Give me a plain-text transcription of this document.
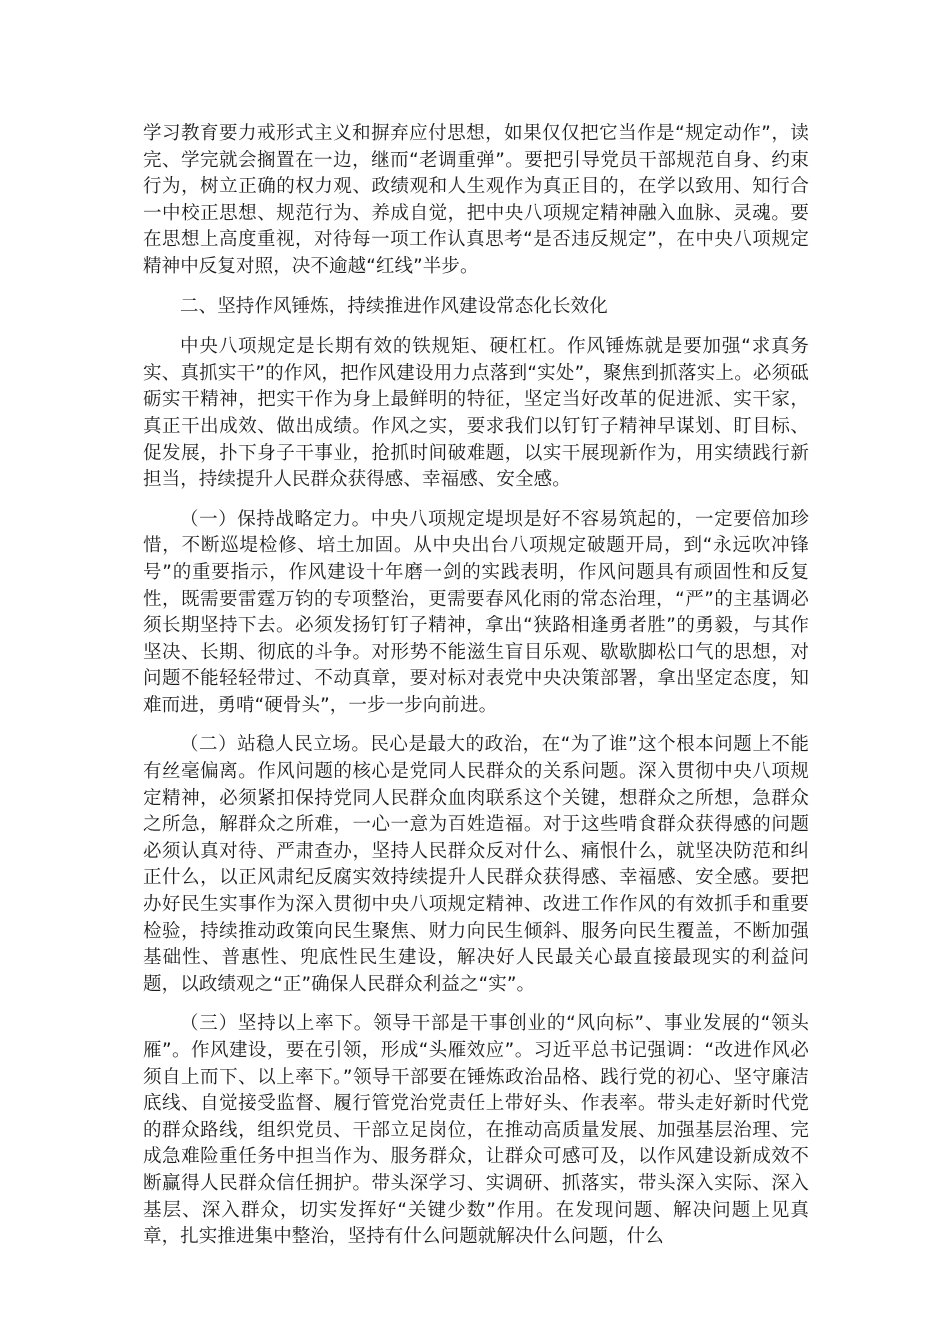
学习教育要力戒形式主义和摒弃应付思想，如果仅仅把它当作是“规定动作”，读完、学完就会搁置在一边，继而“老调重弹”。要把引导党员干部规范自身、约束行为，树立正确的权力观、政绩观和人生观作为真正目的，在学以致用、知行合一中校正思想、规范行为、养成自觉，把中央八项规定精神融入血脉、灵魂。要在思想上高度重视，对待每一项工作认真思考“是否违反规定”，在中央八项规定精神中反复对照，决不逾越“红线”半步。

二、坚持作风锤炼，持续推进作风建设常态化长效化

中央八项规定是长期有效的铁规矩、硬杠杠。作风锤炼就是要加强“求真务实、真抓实干”的作风，把作风建设用力点落到“实处”，聚焦到抓落实上。必须砥砺实干精神，把实干作为身上最鲜明的特征，坚定当好改革的促进派、实干家，真正干出成效、做出成绩。作风之实，要求我们以钉钉子精神早谋划、盯目标、促发展，扑下身子干事业，抢抓时间破难题，以实干展现新作为，用实绩践行新担当，持续提升人民群众获得感、幸福感、安全感。

（一）保持战略定力。中央八项规定堤坝是好不容易筑起的，一定要倍加珍惜，不断巡堤检修、培土加固。从中央出台八项规定破题开局，到“永远吹冲锋号”的重要指示，作风建设十年磨一剑的实践表明，作风问题具有顽固性和反复性，既需要雷霆万钧的专项整治，更需要春风化雨的常态治理，“严”的主基调必须长期坚持下去。必须发扬钉钉子精神，拿出“狭路相逢勇者胜”的勇毅，与其作坚决、长期、彻底的斗争。对形势不能滋生盲目乐观、歇歇脚松口气的思想，对问题不能轻轻带过、不动真章，要对标对表党中央决策部署，拿出坚定态度，知难而进，勇啃“硬骨头”，一步一步向前进。

（二）站稳人民立场。民心是最大的政治，在“为了谁”这个根本问题上不能有丝毫偏离。作风问题的核心是党同人民群众的关系问题。深入贯彻中央八项规定精神，必须紧扣保持党同人民群众血肉联系这个关键，想群众之所想，急群众之所急，解群众之所难，一心一意为百姓造福。对于这些啃食群众获得感的问题必须认真对待、严肃查办，坚持人民群众反对什么、痛恨什么，就坚决防范和纠正什么，以正风肃纪反腐实效持续提升人民群众获得感、幸福感、安全感。要把办好民生实事作为深入贯彻中央八项规定精神、改进工作作风的有效抓手和重要检验，持续推动政策向民生聚焦、财力向民生倾斜、服务向民生覆盖，不断加强基础性、普惠性、兜底性民生建设，解决好人民最关心最直接最现实的利益问题，以政绩观之“正”确保人民群众利益之“实”。

（三）坚持以上率下。领导干部是干事创业的“风向标”、事业发展的“领头雁”。作风建设，要在引领，形成“头雁效应”。习近平总书记强调：“改进作风必须自上而下、以上率下。”领导干部要在锤炼政治品格、践行党的初心、坚守廉洁底线、自觉接受监督、履行管党治党责任上带好头、作表率。带头走好新时代党的群众路线，组织党员、干部立足岗位，在推动高质量发展、加强基层治理、完成急难险重任务中担当作为、服务群众，让群众可感可及，以作风建设新成效不断赢得人民群众信任拥护。带头深学习、实调研、抓落实，带头深入实际、深入基层、深入群众，切实发挥好“关键少数”作用。在发现问题、解决问题上见真章，扎实推进集中整治，坚持有什么问题就解决什么问题，什么
